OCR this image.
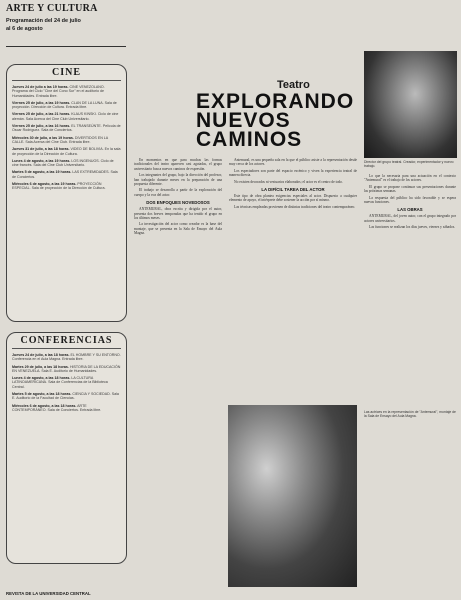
ARTE Y CULTURA
Programación del 24 de julio
al 6 de agosto
CINE
Jueves 24 de julio a las 19 horas. CINE VENEZOLANO. Programa del Ciclo "Cine del Cono Sur" en el auditorio de Humanidades. Entrada libre.
Viernes 25 de julio, a las 19 horas. CLAN DE LA LUNA. Sala de proyección. Dirección de Cultura. Entrada libre.
Viernes 25 de julio, a las 21 horas. KLAUS KINSKI. Ciclo de cine alemán. Sala Acerca del Cine Club Universitario.
Viernes 25 de julio, a las 16 horas. EL TRANSEÚNTE. Película de Oscar Rodríguez. Sala de Conciertos.
Miércoles 30 de julio, a las 19 horas. DIVERTIDOS EN LA CALLE. Sala Acerca del Cine Club. Entrada libre.
Jueves 31 de julio, a las 18 horas. VIDEO DE BOLIVIA. En la sala de proyección de la Dirección de Cultura.
Lunes 4 de agosto, a las 19 horas. LOS INGENUOS. Ciclo de cine francés. Sala del Cine Club Universitario.
Martes 5 de agosto, a las 19 horas. LAS EXTREMIDADES. Sala de Conciertos.
Miércoles 6 de agosto, a las 19 horas. PROYECCIÓN ESPECIAL. Sala de proyección de la Dirección de Cultura.
CONFERENCIAS
Jueves 24 de julio, a las 18 horas. EL HOMBRE Y SU ENTORNO. Conferencia en el Aula Magna. Entrada libre.
Martes 29 de julio, a las 18 horas. HISTORIA DE LA EDUCACIÓN EN VENEZUELA. Sala E. Auditorio de Humanidades.
Lunes 4 de agosto, a las 18 horas. LA CULTURA LATINOAMERICANA. Sala de Conferencias de la Biblioteca Central.
Martes 5 de agosto, a las 18 horas. CIENCIA Y SOCIEDAD. Sala E. Auditorio de la Facultad de Ciencias.
Miércoles 6 de agosto, a las 18 horas. ARTE CONTEMPORÁNEO. Sala de Conciertos. Entrada libre.
Teatro
EXPLORANDO
NUEVOS
CAMINOS
Director del grupo teatral. Creador, experimentador y nuevo trabajo.

En momentos en que para muchas las formas tradicionales del teatro aparecen casi agotadas, el grupo universitario busca nuevos caminos de expresión.

Los integrantes del grupo, bajo la dirección del profesor, han trabajado durante meses en la preparación de una propuesta diferente.

El trabajo se desarrolla a partir de la exploración del cuerpo y la voz del actor.

DOS ENFOQUES NOVEDOSOS

ANTEMURAL, obra escrita y dirigida por el autor, presenta dos breves temporadas que ha tenido el grupo en los últimos meses.

La investigación del actor como creador es la base del montaje, que se presenta en la Sala de Ensayo del Aula Magna.

Antemural, es una pequeña sala en la que el público asiste a la representación desde muy cerca de los actores.

Los espectadores son parte del espacio escénico y viven la experiencia teatral de manera directa.

No existen decorados ni vestuarios elaborados; el actor es el centro de todo.

LA DIFÍCIL TAREA DEL ACTOR

Este tipo de obra plantea exigencias especiales al actor. Dispuesto a cualquier elemento de apoyo, el intérprete debe sostener la acción por sí mismo.

Las técnicas empleadas provienen de distintas tradiciones del teatro contemporáneo.

Lo que la necesaria para una actuación en el contexto "Antemural" es el trabajo de los actores.

El grupo se propone continuar sus presentaciones durante las próximas semanas.

La respuesta del público ha sido favorable y se espera nuevas funciones.

LAS OBRAS

ANTEMURAL, del joven autor, con el grupo integrado por actores universitarios.

Las funciones se realizan los días jueves, viernes y sábados.

Las actrices en la representación de "Antemural", montaje de la Sala de Ensayo del Aula Magna.
REVISTA DE LA UNIVERSIDAD CENTRAL
